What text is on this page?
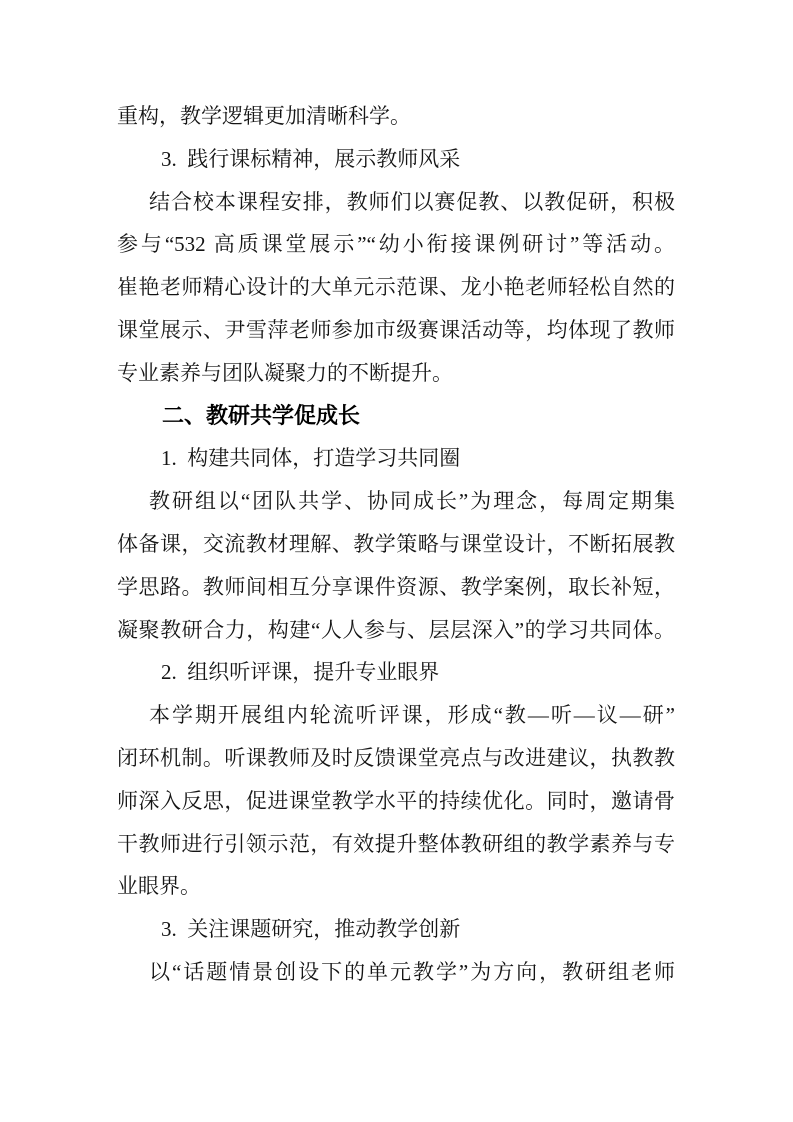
重构，教学逻辑更加清晰科学。
3. 践行课标精神，展示教师风采
结合校本课程安排，教师们以赛促教、以教促研，积极
参与“532 高质课堂展示”“幼小衔接课例研讨”等活动。
崔艳老师精心设计的大单元示范课、龙小艳老师轻松自然的
课堂展示、尹雪萍老师参加市级赛课活动等，均体现了教师
专业素养与团队凝聚力的不断提升。
二、教研共学促成长
1. 构建共同体，打造学习共同圈
教研组以“团队共学、协同成长”为理念，每周定期集
体备课，交流教材理解、教学策略与课堂设计，不断拓展教
学思路。教师间相互分享课件资源、教学案例，取长补短，
凝聚教研合力，构建“人人参与、层层深入”的学习共同体。
2. 组织听评课，提升专业眼界
本学期开展组内轮流听评课，形成“教—听—议—研”
闭环机制。听课教师及时反馈课堂亮点与改进建议，执教教
师深入反思，促进课堂教学水平的持续优化。同时，邀请骨
干教师进行引领示范，有效提升整体教研组的教学素养与专
业眼界。
3. 关注课题研究，推动教学创新
以“话题情景创设下的单元教学”为方向，教研组老师
